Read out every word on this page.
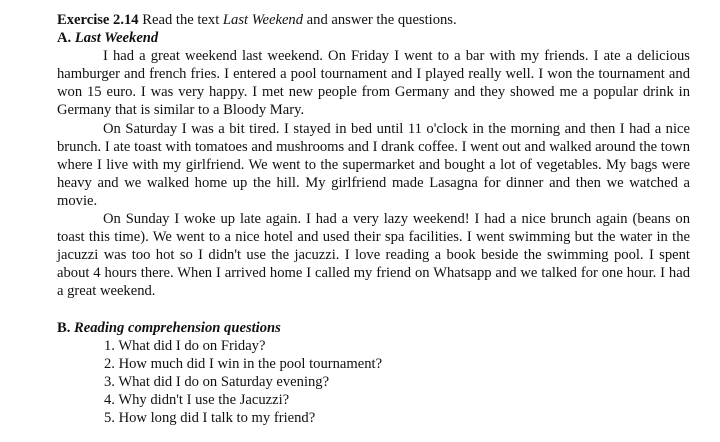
Exercise 2.14 Read the text Last Weekend and answer the questions.

A. Last Weekend

I had a great weekend last weekend. On Friday I went to a bar with my friends. I ate a delicious hamburger and french fries. I entered a pool tournament and I played really well. I won the tournament and won 15 euro. I was very happy. I met new people from Germany and they showed me a popular drink in Germany that is similar to a Bloody Mary.

On Saturday I was a bit tired. I stayed in bed until 11 o'clock in the morning and then I had a nice brunch. I ate toast with tomatoes and mushrooms and I drank coffee. I went out and walked around the town where I live with my girlfriend. We went to the supermarket and bought a lot of vegetables. My bags were heavy and we walked home up the hill. My girlfriend made Lasagna for dinner and then we watched a movie.

On Sunday I woke up late again. I had a very lazy weekend! I had a nice brunch again (beans on toast this time). We went to a nice hotel and used their spa facilities. I went swimming but the water in the jacuzzi was too hot so I didn't use the jacuzzi. I love reading a book beside the swimming pool. I spent about 4 hours there. When I arrived home I called my friend on Whatsapp and we talked for one hour. I had a great weekend.

B. Reading comprehension questions

1. What did I do on Friday?
2. How much did I win in the pool tournament?
3. What did I do on Saturday evening?
4. Why didn't I use the Jacuzzi?
5. How long did I talk to my friend?
